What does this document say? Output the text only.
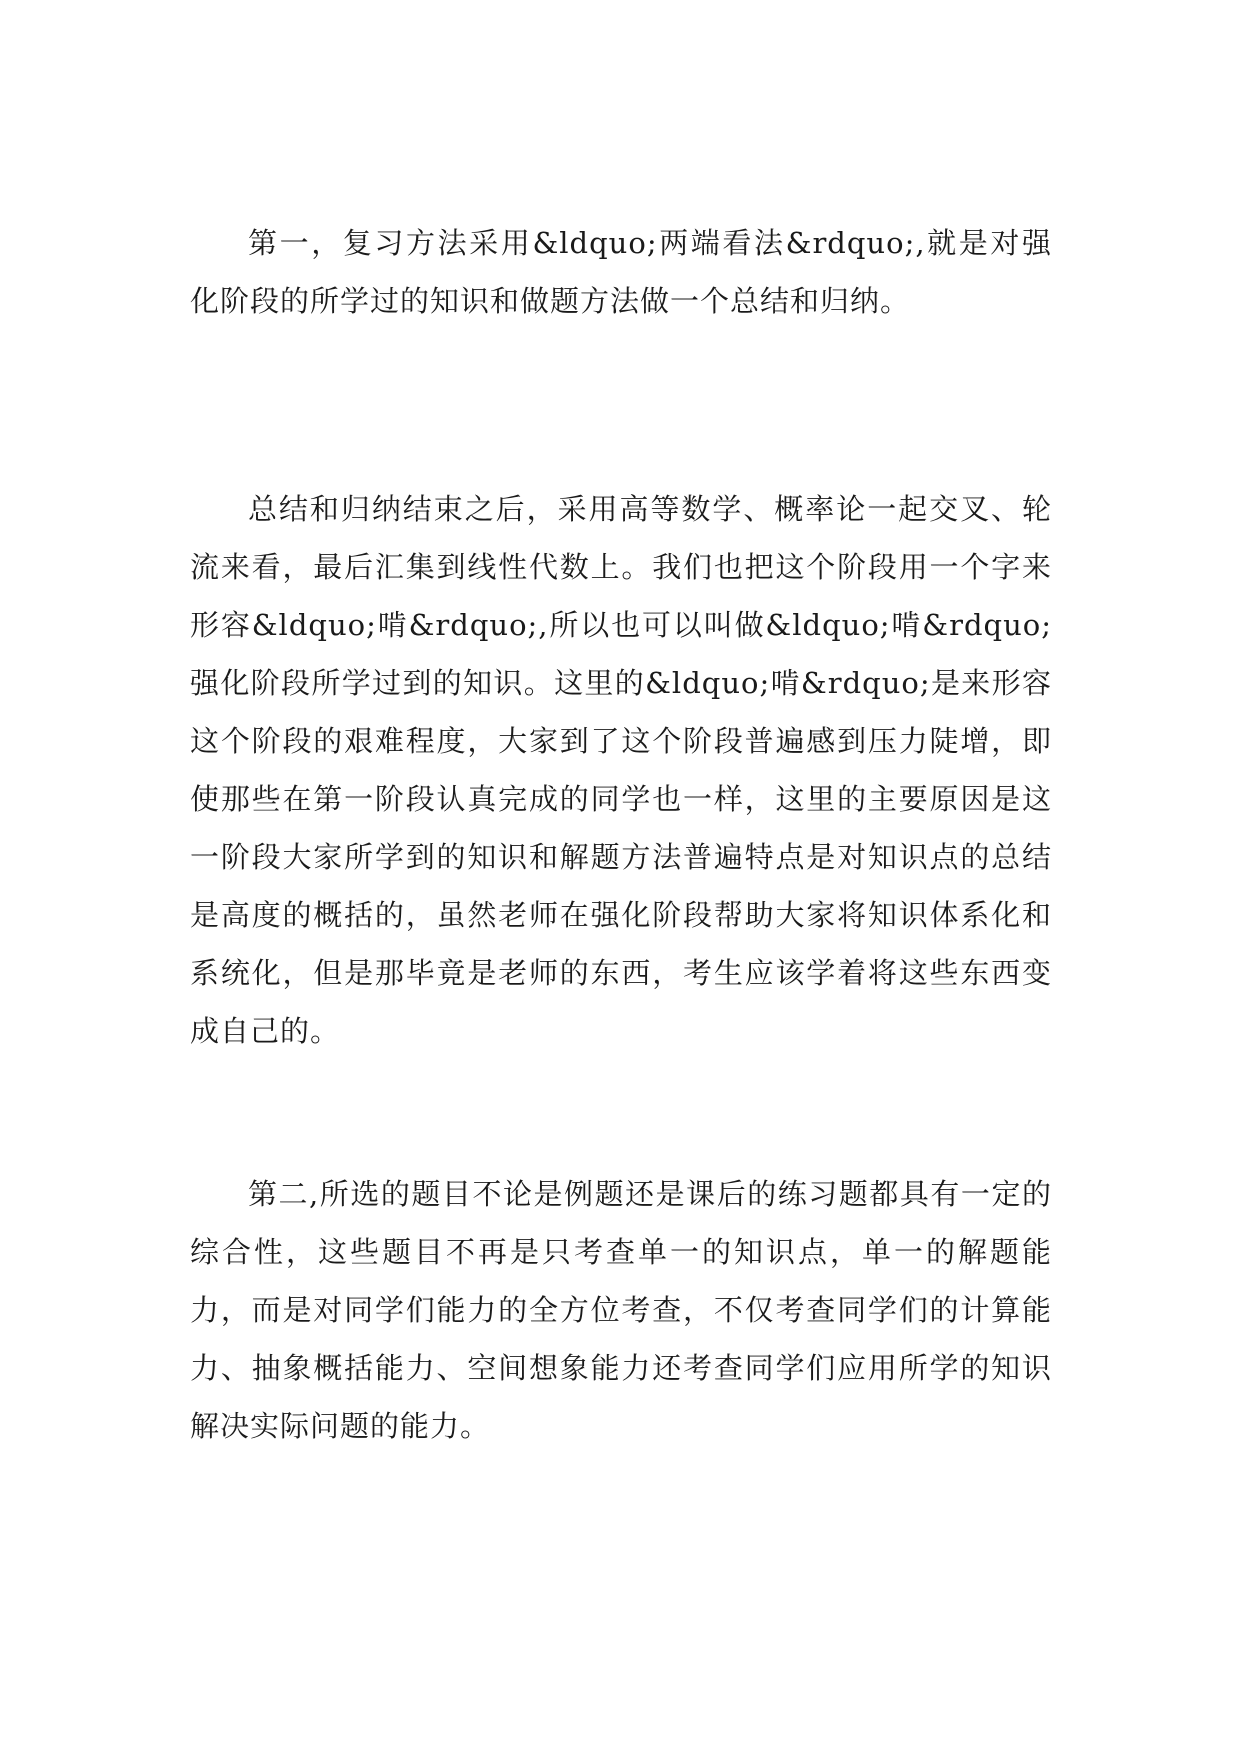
第一，复习方法采用&ldquo;两端看法&rdquo;,就是对强化阶段的所学过的知识和做题方法做一个总结和归纳。

总结和归纳结束之后，采用高等数学、概率论一起交叉、轮流来看，最后汇集到线性代数上。我们也把这个阶段用一个字来形容&ldquo;啃&rdquo;,所以也可以叫做&ldquo;啃&rdquo;强化阶段所学过到的知识。这里的&ldquo;啃&rdquo;是来形容这个阶段的艰难程度，大家到了这个阶段普遍感到压力陡增，即使那些在第一阶段认真完成的同学也一样，这里的主要原因是这一阶段大家所学到的知识和解题方法普遍特点是对知识点的总结是高度的概括的，虽然老师在强化阶段帮助大家将知识体系化和系统化，但是那毕竟是老师的东西，考生应该学着将这些东西变成自己的。

第二,所选的题目不论是例题还是课后的练习题都具有一定的综合性，这些题目不再是只考查单一的知识点，单一的解题能力，而是对同学们能力的全方位考查，不仅考查同学们的计算能力、抽象概括能力、空间想象能力还考查同学们应用所学的知识解决实际问题的能力。
